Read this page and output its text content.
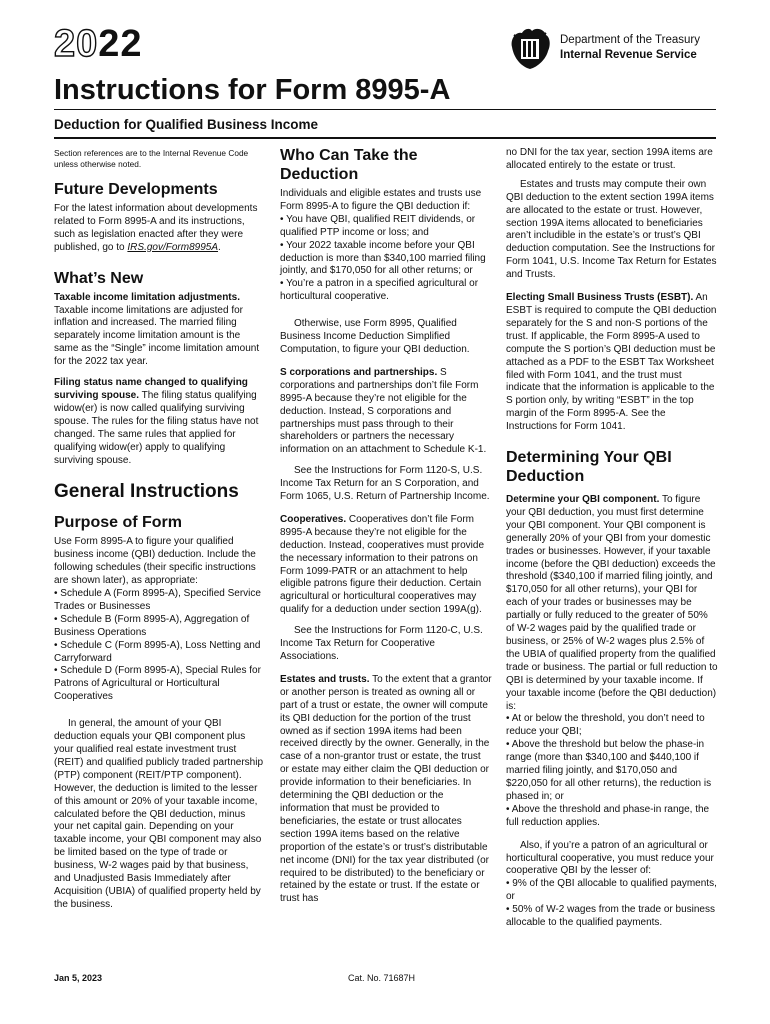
2022
Instructions for Form 8995-A
Department of the Treasury
Internal Revenue Service
Deduction for Qualified Business Income

Section references are to the Internal Revenue Code unless otherwise noted.

Future Developments

For the latest information about developments related to Form 8995-A and its instructions, such as legislation enacted after they were published, go to IRS.gov/Form8995A.

What’s New

Taxable income limitation adjustments. Taxable income limitations are adjusted for inflation and increased. The married filing separately income limitation amount is the same as the “Single” income limitation amount for the 2022 tax year.

Filing status name changed to qualifying surviving spouse. The filing status qualifying widow(er) is now called qualifying surviving spouse. The rules for the filing status have not changed. The same rules that applied for qualifying widow(er) apply to qualifying surviving spouse.

General Instructions
Purpose of Form

Use Form 8995-A to figure your qualified business income (QBI) deduction. Include the following schedules (their specific instructions are shown later), as appropriate:

• Schedule A (Form 8995-A), Specified Service Trades or Businesses
• Schedule B (Form 8995-A), Aggregation of Business Operations
• Schedule C (Form 8995-A), Loss Netting and Carryforward
• Schedule D (Form 8995-A), Special Rules for Patrons of Agricultural or Horticultural Cooperatives

In general, the amount of your QBI deduction equals your QBI component plus your qualified real estate investment trust (REIT) and qualified publicly traded partnership (PTP) component (REIT/PTP component). However, the deduction is limited to the lesser of this amount or 20% of your taxable income, calculated before the QBI deduction, minus your net capital gain. Depending on your taxable income, your QBI component may also be limited based on the type of trade or business, W-2 wages paid by that business, and Unadjusted Basis Immediately after Acquisition (UBIA) of qualified property held by the business.

Who Can Take the Deduction

Individuals and eligible estates and trusts use Form 8995-A to figure the QBI deduction if:

• You have QBI, qualified REIT dividends, or qualified PTP income or loss; and
• Your 2022 taxable income before your QBI deduction is more than $340,100 married filing jointly, and $170,050 for all other returns; or
• You’re a patron in a specified agricultural or horticultural cooperative.

Otherwise, use Form 8995, Qualified Business Income Deduction Simplified Computation, to figure your QBI deduction.

S corporations and partnerships. S corporations and partnerships don’t file Form 8995-A because they’re not eligible for the deduction. Instead, S corporations and partnerships must pass through to their shareholders or partners the necessary information on an attachment to Schedule K-1.

See the Instructions for Form 1120-S, U.S. Income Tax Return for an S Corporation, and Form 1065, U.S. Return of Partnership Income.

Cooperatives. Cooperatives don’t file Form 8995-A because they’re not eligible for the deduction. Instead, cooperatives must provide the necessary information to their patrons on Form 1099-PATR or an attachment to help eligible patrons figure their deduction. Certain agricultural or horticultural cooperatives may qualify for a deduction under section 199A(g).

See the Instructions for Form 1120-C, U.S. Income Tax Return for Cooperative Associations.

Estates and trusts. To the extent that a grantor or another person is treated as owning all or part of a trust or estate, the owner will compute its QBI deduction for the portion of the trust owned as if section 199A items had been received directly by the owner. Generally, in the case of a non-grantor trust or estate, the trust or estate may either claim the QBI deduction or provide information to their beneficiaries. In determining the QBI deduction or the information that must be provided to beneficiaries, the estate or trust allocates section 199A items based on the relative proportion of the estate’s or trust’s distributable net income (DNI) for the tax year distributed (or required to be distributed) to the beneficiary or retained by the estate or trust. If the estate or trust has

no DNI for the tax year, section 199A items are allocated entirely to the estate or trust.

Estates and trusts may compute their own QBI deduction to the extent section 199A items are allocated to the estate or trust. However, section 199A items allocated to beneficiaries aren’t includible in the estate’s or trust’s QBI deduction computation. See the Instructions for Form 1041, U.S. Income Tax Return for Estates and Trusts.

Electing Small Business Trusts (ESBT). An ESBT is required to compute the QBI deduction separately for the S and non-S portions of the trust. If applicable, the Form 8995-A used to compute the S portion’s QBI deduction must be attached as a PDF to the ESBT Tax Worksheet filed with Form 1041, and the trust must indicate that the information is applicable to the S portion only, by writing “ESBT” in the top margin of the Form 8995-A. See the Instructions for Form 1041.

Determining Your QBI Deduction

Determine your QBI component. To figure your QBI deduction, you must first determine your QBI component. Your QBI component is generally 20% of your QBI from your domestic trades or businesses. However, if your taxable income (before the QBI deduction) exceeds the threshold ($340,100 if married filing jointly, and $170,050 for all other returns), your QBI for each of your trades or businesses may be partially or fully reduced to the greater of 50% of W-2 wages paid by the qualified trade or business, or 25% of W-2 wages plus 2.5% of the UBIA of qualified property from the qualified trade or business. The partial or full reduction to QBI is determined by your taxable income. If your taxable income (before the QBI deduction) is:

• At or below the threshold, you don’t need to reduce your QBI;
• Above the threshold but below the phase-in range (more than $340,100 and $440,100 if married filing jointly, and $170,050 and $220,050 for all other returns), the reduction is phased in; or
• Above the threshold and phase-in range, the full reduction applies.

Also, if you’re a patron of an agricultural or horticultural cooperative, you must reduce your cooperative QBI by the lesser of:

• 9% of the QBI allocable to qualified payments, or
• 50% of W-2 wages from the trade or business allocable to the qualified payments.
Jan 5, 2023	Cat. No. 71687H
